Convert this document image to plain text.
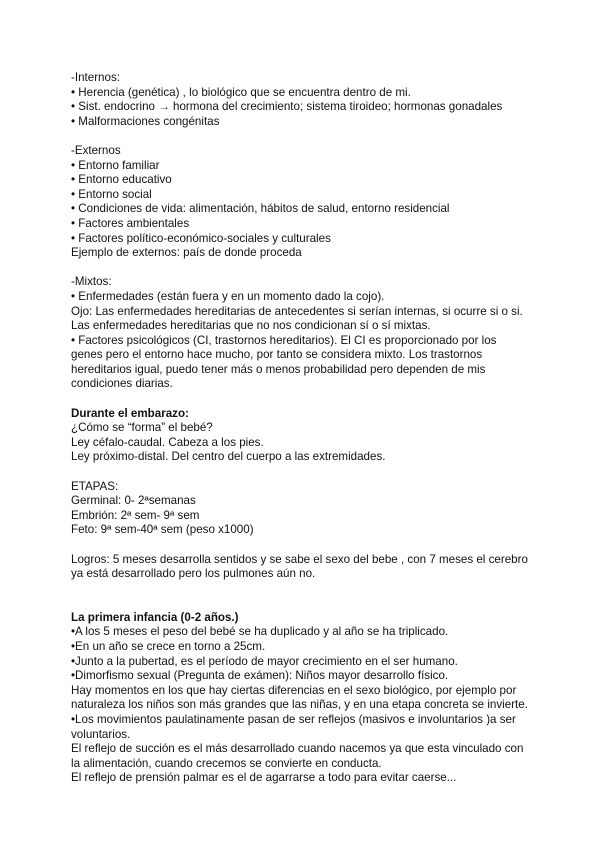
-Internos:

• Herencia (genética) , lo biológico que se encuentra dentro de mi.

• Sist. endocrino → hormona del crecimiento; sistema tiroideo; hormonas gonadales

• Malformaciones congénitas

-Externos

• Entorno familiar

• Entorno educativo

• Entorno social

• Condiciones de vida: alimentación, hábitos de salud, entorno residencial

• Factores ambientales

• Factores político-económico-sociales y culturales

Ejemplo de externos: país de donde proceda

-Mixtos:

• Enfermedades (están fuera y en un momento dado la cojo).

Ojo: Las enfermedades hereditarias de antecedentes si serían internas, si ocurre si o si. Las enfermedades hereditarias que no nos condicionan sí o sí mixtas.

• Factores psicológicos (CI, trastornos hereditarios). El CI es proporcionado por los genes pero el entorno hace mucho, por tanto se considera mixto. Los trastornos hereditarios igual, puedo tener más o menos probabilidad pero dependen de mis condiciones diarias.

Durante el embarazo:

¿Cómo se “forma” el bebé?

Ley céfalo-caudal. Cabeza a los pies.

Ley próximo-distal. Del centro del cuerpo a las extremidades.

ETAPAS:

Germinal: 0- 2ªsemanas

Embrión: 2ª sem- 9ª sem

Feto: 9ª sem-40ª sem (peso x1000)

Logros: 5 meses desarrolla sentidos y se sabe el sexo del bebe , con 7 meses el cerebro ya está desarrollado pero los pulmones aún no.

La primera infancia (0-2 años.)

•A los 5 meses el peso del bebé se ha duplicado y al año se ha triplicado.

•En un año se crece en torno a 25cm.

•Junto a la pubertad, es el período de mayor crecimiento en el ser humano.

•Dimorfismo sexual (Pregunta de exámen): Niños mayor desarrollo físico.

Hay momentos en los que hay ciertas diferencias en el sexo biológico, por ejemplo por naturaleza los niños son más grandes que las niñas, y en una etapa concreta se invierte.

•Los movimientos paulatinamente pasan de ser reflejos (masivos e involuntarios )a ser voluntarios.

El reflejo de succión es el más desarrollado cuando nacemos ya que esta vinculado con la alimentación, cuando crecemos se convierte en conducta.

El reflejo de prensión palmar es el de agarrarse a todo para evitar caerse...
